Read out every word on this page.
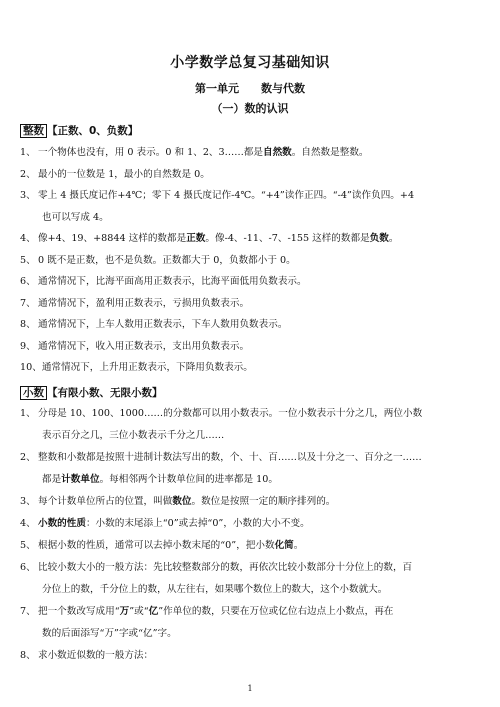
小学数学总复习基础知识
第一单元 数与代数
（一）数的认识
整数 【正数、0、负数】
1、 一个物体也没有，用 0 表示。0 和 1、2、3……都是自然数。自然数是整数。
2、 最小的一位数是 1，最小的自然数是 0。
3、 零上 4 摄氏度记作+4℃；零下 4 摄氏度记作-4℃。“+4”读作正四。“-4”读作负四。+4
也可以写成 4。
4、 像+4、19、+8844 这样的数都是正数。像-4、-11、-7、-155 这样的数都是负数。
5、 0 既不是正数，也不是负数。正数都大于 0，负数都小于 0。
6、 通常情况下，比海平面高用正数表示，比海平面低用负数表示。
7、 通常情况下，盈利用正数表示，亏损用负数表示。
8、 通常情况下，上车人数用正数表示，下车人数用负数表示。
9、 通常情况下，收入用正数表示，支出用负数表示。
10、通常情况下，上升用正数表示，下降用负数表示。
小数 【有限小数、无限小数】
1、 分母是 10、100、1000……的分数都可以用小数表示。一位小数表示十分之几，两位小数
表示百分之几，三位小数表示千分之几……
2、 整数和小数都是按照十进制计数法写出的数，个、十、百……以及十分之一、百分之一……
都是计数单位。每相邻两个计数单位间的进率都是 10。
3、 每个计数单位所占的位置，叫做数位。数位是按照一定的顺序排列的。
4、 小数的性质：小数的末尾添上“0”或去掉“0”，小数的大小不变。
5、 根据小数的性质，通常可以去掉小数末尾的“0”，把小数化简。
6、 比较小数大小的一般方法：先比较整数部分的数，再依次比较小数部分十分位上的数，百
分位上的数，千分位上的数，从左往右，如果哪个数位上的数大，这个小数就大。
7、 把一个数改写成用“万”或“亿”作单位的数，只要在万位或亿位右边点上小数点，再在
数的后面添写“万”字或“亿”字。
8、 求小数近似数的一般方法：
1
